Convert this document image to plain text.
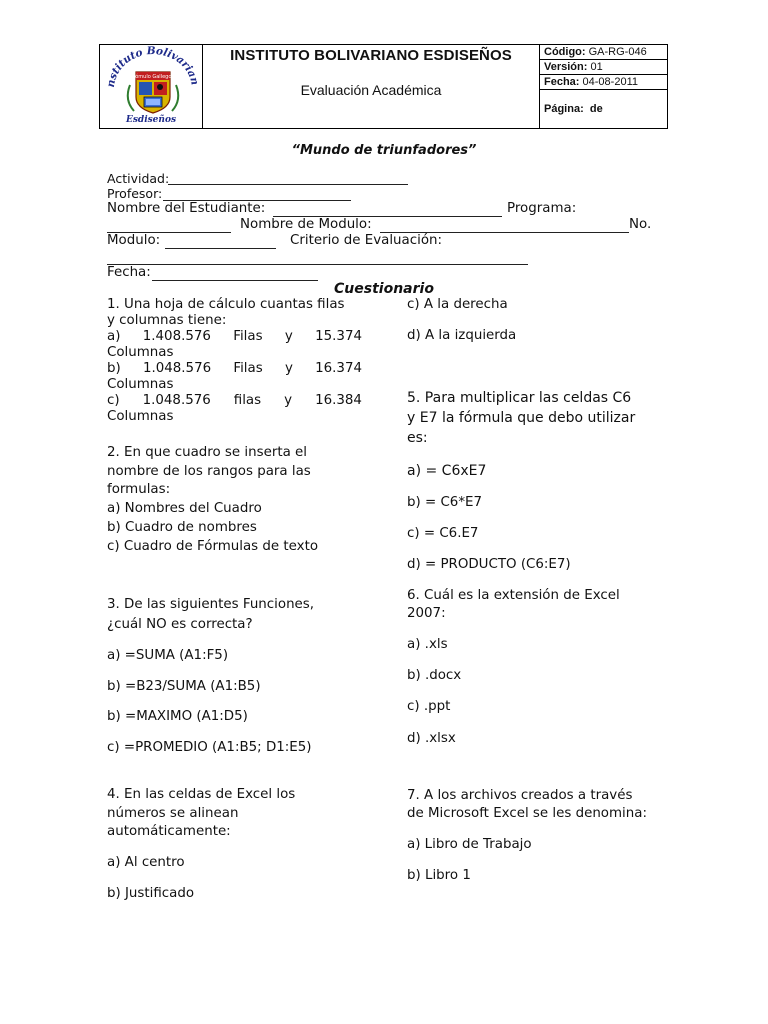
nstituto Bolivarian
Rómulo Gallegos
Esdiseños
INSTITUTO BOLIVARIANO ESDISEÑOS
Evaluación Académica
Código: GA-RG-046
Versión: 01
Fecha: 04-08-2011
Página:
de
“Mundo de triunfadores”
Actividad:
Profesor:
Nombre del Estudiante:	Programa:
Nombre de Modulo:	No.
Modulo:	Criterio de Evaluación:
Fecha:
Cuestionario
1. Una hoja de cálculo cuantas filas
y columnas tiene:
a) 1.408.576 Filas y 15.374
Columnas
b) 1.048.576 Filas y 16.374
Columnas
c) 1.048.576 filas y 16.384
Columnas
2. En que cuadro se inserta el
nombre de los rangos para las
formulas:
a) Nombres del Cuadro
b) Cuadro de nombres
c) Cuadro de Fórmulas de texto
3. De las siguientes Funciones,
¿cuál NO es correcta?
a) =SUMA (A1:F5)
b) =B23/SUMA (A1:B5)
b) =MAXIMO (A1:D5)
c) =PROMEDIO (A1:B5; D1:E5)
4. En las celdas de Excel los
números se alinean
automáticamente:
a) Al centro
b) Justificado
c) A la derecha
d) A la izquierda
5. Para multiplicar las celdas C6
y E7 la fórmula que debo utilizar
es:
a) = C6xE7
b) = C6*E7
c) = C6.E7
d) = PRODUCTO (C6:E7)
6. Cuál es la extensión de Excel
2007:
a) .xls
b) .docx
c) .ppt
d) .xlsx
7. A los archivos creados a través
de Microsoft Excel se les denomina:
a) Libro de Trabajo
b) Libro 1
